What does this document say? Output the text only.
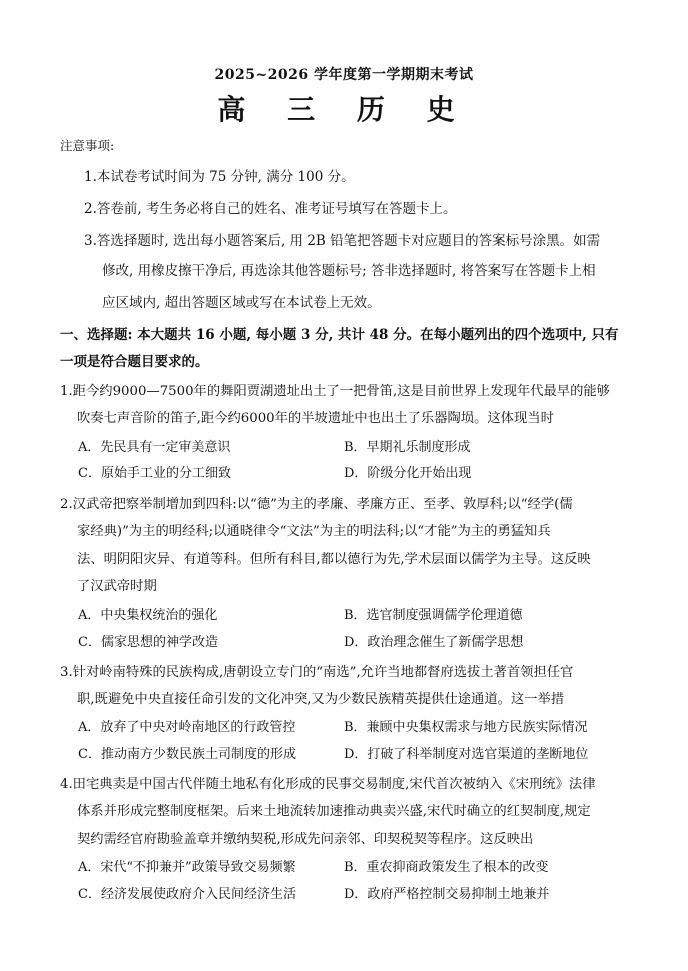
2025~2026 学年度第一学期期末考试
高 三 历 史
注意事项:
1.本试卷考试时间为 75 分钟, 满分 100 分。
2.答卷前, 考生务必将自己的姓名、准考证号填写在答题卡上。
3.答选择题时, 选出每小题答案后, 用 2B 铅笔把答题卡对应题目的答案标号涂黑。如需
修改, 用橡皮擦干净后, 再选涂其他答题标号; 答非选择题时, 将答案写在答题卡上相
应区域内, 超出答题区域或写在本试卷上无效。
一、选择题: 本大题共 16 小题, 每小题 3 分, 共计 48 分。在每小题列出的四个选项中, 只有
一项是符合题目要求的。
1.距今约9000—7500年的舞阳贾湖遗址出土了一把骨笛,这是目前世界上发现年代最早的能够
吹奏七声音阶的笛子,距今约6000年的半坡遗址中也出土了乐器陶埙。这体现当时
A．先民具有一定审美意识	B．早期礼乐制度形成
C．原始手工业的分工细致	D．阶级分化开始出现
2.汉武帝把察举制增加到四科:以“德”为主的孝廉、孝廉方正、至孝、敦厚科;以“经学(儒
家经典)”为主的明经科;以通晓律令“文法”为主的明法科;以“才能”为主的勇猛知兵
法、明阴阳灾异、有道等科。但所有科目,都以德行为先,学术层面以儒学为主导。这反映
了汉武帝时期
A．中央集权统治的强化	B．选官制度强调儒学伦理道德
C．儒家思想的神学改造	D．政治理念催生了新儒学思想
3.针对岭南特殊的民族构成,唐朝设立专门的“南选”,允许当地都督府选拔土著首领担任官
职,既避免中央直接任命引发的文化冲突,又为少数民族精英提供仕途通道。这一举措
A．放弃了中央对岭南地区的行政管控	B．兼顾中央集权需求与地方民族实际情况
C．推动南方少数民族土司制度的形成	D．打破了科举制度对选官渠道的垄断地位
4.田宅典卖是中国古代伴随土地私有化形成的民事交易制度,宋代首次被纳入《宋刑统》法律
体系并形成完整制度框架。后来土地流转加速推动典卖兴盛,宋代时确立的红契制度,规定
契约需经官府勘验盖章并缴纳契税,形成先问亲邻、印契税契等程序。这反映出
A．宋代“不抑兼并”政策导致交易频繁	B．重农抑商政策发生了根本的改变
C．经济发展使政府介入民间经济生活	D．政府严格控制交易抑制土地兼并
